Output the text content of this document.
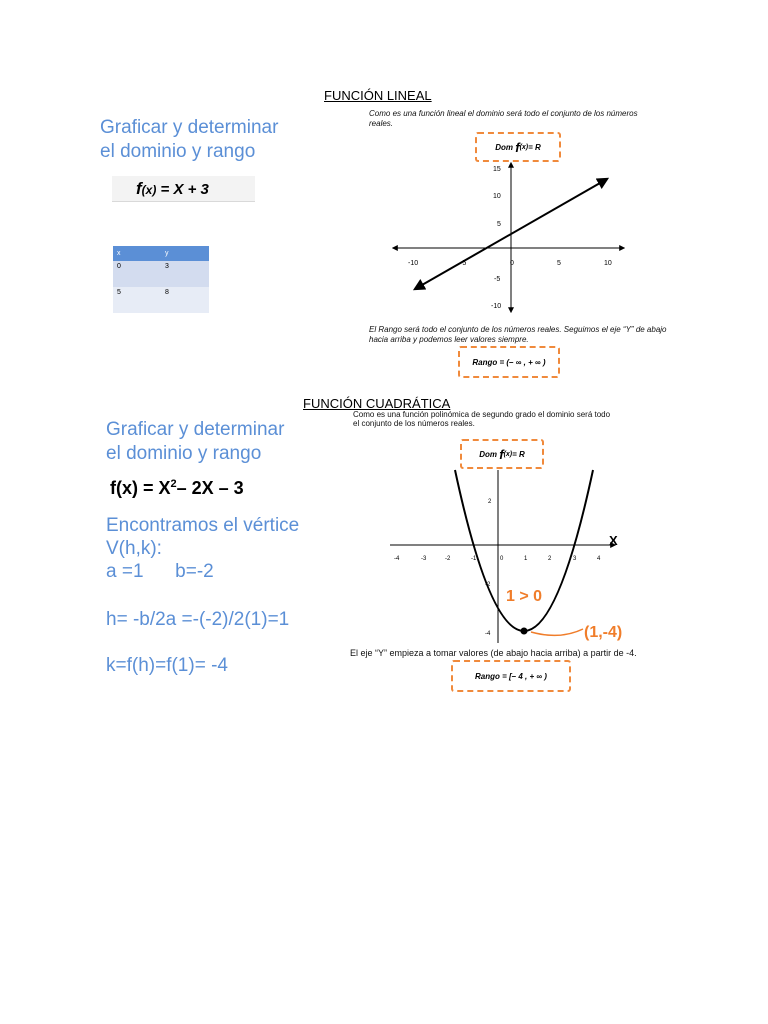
FUNCIÓN LINEAL
Graficar y determinar
el dominio y rango
f(x) = X + 3
x	y
0	3
5	8
Como es una función lineal el dominio será todo el conjunto de los números reales.
Dom
f (x) = R
-10	-5	0	5	10
15
10
5
-5
-10
El Rango será todo el conjunto de los números reales. Seguimos el eje “Y” de abajo hacia arriba y podemos leer valores siempre.
Rango = (– ∞ , + ∞ )
FUNCIÓN CUADRÁTICA
Graficar y determinar
el dominio y rango
$f(x) = X^2-$ 2X – 3
Encontramos el vértice
V(h,k):
a =1      b=-2
h= -b/2a =-(-2)/2(1)=1
k=f(h)=f(1)= -4
Como es una función polinómica de segundo grado el dominio será todo
el conjunto de los números reales.
Dom
f (x) = R
-4	-3	-2	-1	0	1	2	3	4
2
-2
-4
X
1 > 0
(1,-4)
El eje “Y” empieza a tomar valores (de abajo hacia arriba) a partir de -4.
Rango = [– 4 , + ∞ )
